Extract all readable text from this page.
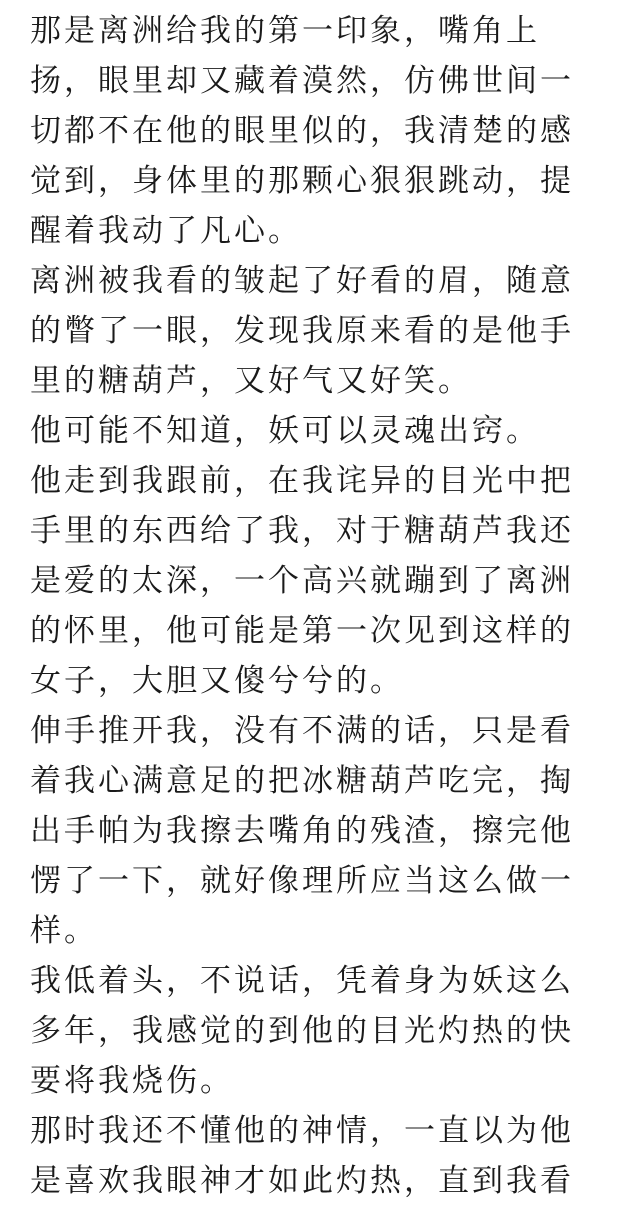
那是离洲给我的第一印象，嘴角上
扬，眼里却又藏着漠然，仿佛世间一
切都不在他的眼里似的，我清楚的感
觉到，身体里的那颗心狠狠跳动，提
醒着我动了凡心。
离洲被我看的皱起了好看的眉，随意
的瞥了一眼，发现我原来看的是他手
里的糖葫芦，又好气又好笑。
他可能不知道，妖可以灵魂出窍。
他走到我跟前，在我诧异的目光中把
手里的东西给了我，对于糖葫芦我还
是爱的太深，一个高兴就蹦到了离洲
的怀里，他可能是第一次见到这样的
女子，大胆又傻兮兮的。
伸手推开我，没有不满的话，只是看
着我心满意足的把冰糖葫芦吃完，掏
出手帕为我擦去嘴角的残渣，擦完他
愣了一下，就好像理所应当这么做一
样。
我低着头，不说话，凭着身为妖这么
多年，我感觉的到他的目光灼热的快
要将我烧伤。
那时我还不懂他的神情，一直以为他
是喜欢我眼神才如此灼热，直到我看
